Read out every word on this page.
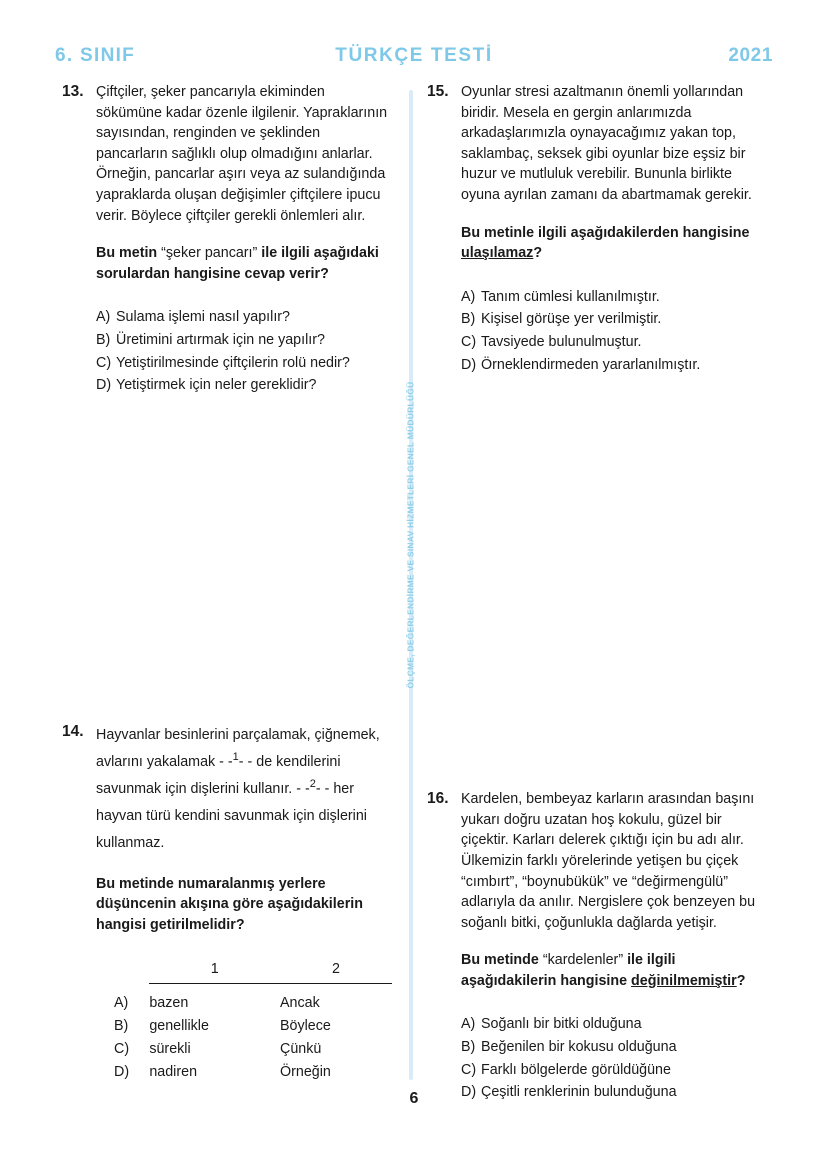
6. SINIF	TÜRKÇE TESTİ	2021
ÖLÇME, DEĞERLENDİRME VE SINAV HİZMETLERİ GENEL MÜDÜRLÜĞÜ
13. Çiftçiler, şeker pancarıyla ekiminden sökümüne kadar özenle ilgilenir. Yapraklarının sayısından, renginden ve şeklinden pancarların sağlıklı olup olmadığını anlarlar. Örneğin, pancarlar aşırı veya az sulandığında yapraklarda oluşan değişimler çiftçilere ipucu verir. Böylece çiftçiler gerekli önlemleri alır.

Bu metin “şeker pancarı” ile ilgili aşağıdaki sorulardan hangisine cevap verir?

A) Sulama işlemi nasıl yapılır?
B) Üretimini artırmak için ne yapılır?
C) Yetiştirilmesinde çiftçilerin rolü nedir?
D) Yetiştirmek için neler gereklidir?
14. Hayvanlar besinlerini parçalamak, çiğnemek, avlarını yakalamak - -$^1$- - de kendilerini savunmak için dişlerini kullanır. - -$^2$- - her hayvan türü kendini savunmak için dişlerini kullanmaz.

Bu metinde numaralanmış yerlere düşüncenin akışına göre aşağıdakilerin hangisi getirilmelidir?

	1	2

A)	bazen	Ancak
B)	genellikle	Böylece
C)	sürekli	Çünkü
D)	nadiren	Örneğin
15. Oyunlar stresi azaltmanın önemli yollarından biridir. Mesela en gergin anlarımızda arkadaşlarımızla oynayacağımız yakan top, saklambaç, seksek gibi oyunlar bize eşsiz bir huzur ve mutluluk verebilir. Bununla birlikte oyuna ayrılan zamanı da abartmamak gerekir.

Bu metinle ilgili aşağıdakilerden hangisine ulaşılamaz?

A) Tanım cümlesi kullanılmıştır.
B) Kişisel görüşe yer verilmiştir.
C) Tavsiyede bulunulmuştur.
D) Örneklendirmeden yararlanılmıştır.
16. Kardelen, bembeyaz karların arasından başını yukarı doğru uzatan hoş kokulu, güzel bir çiçektir. Karları delerek çıktığı için bu adı alır. Ülkemizin farklı yörelerinde yetişen bu çiçek “cımbırt”, “boynubükük” ve “değirmengülü” adlarıyla da anılır. Nergislere çok benzeyen bu soğanlı bitki, çoğunlukla dağlarda yetişir.

Bu metinde “kardelenler” ile ilgili aşağıdakilerin hangisine değinilmemiştir?

A) Soğanlı bir bitki olduğuna
B) Beğenilen bir kokusu olduğuna
C) Farklı bölgelerde görüldüğüne
D) Çeşitli renklerinin bulunduğuna
6
